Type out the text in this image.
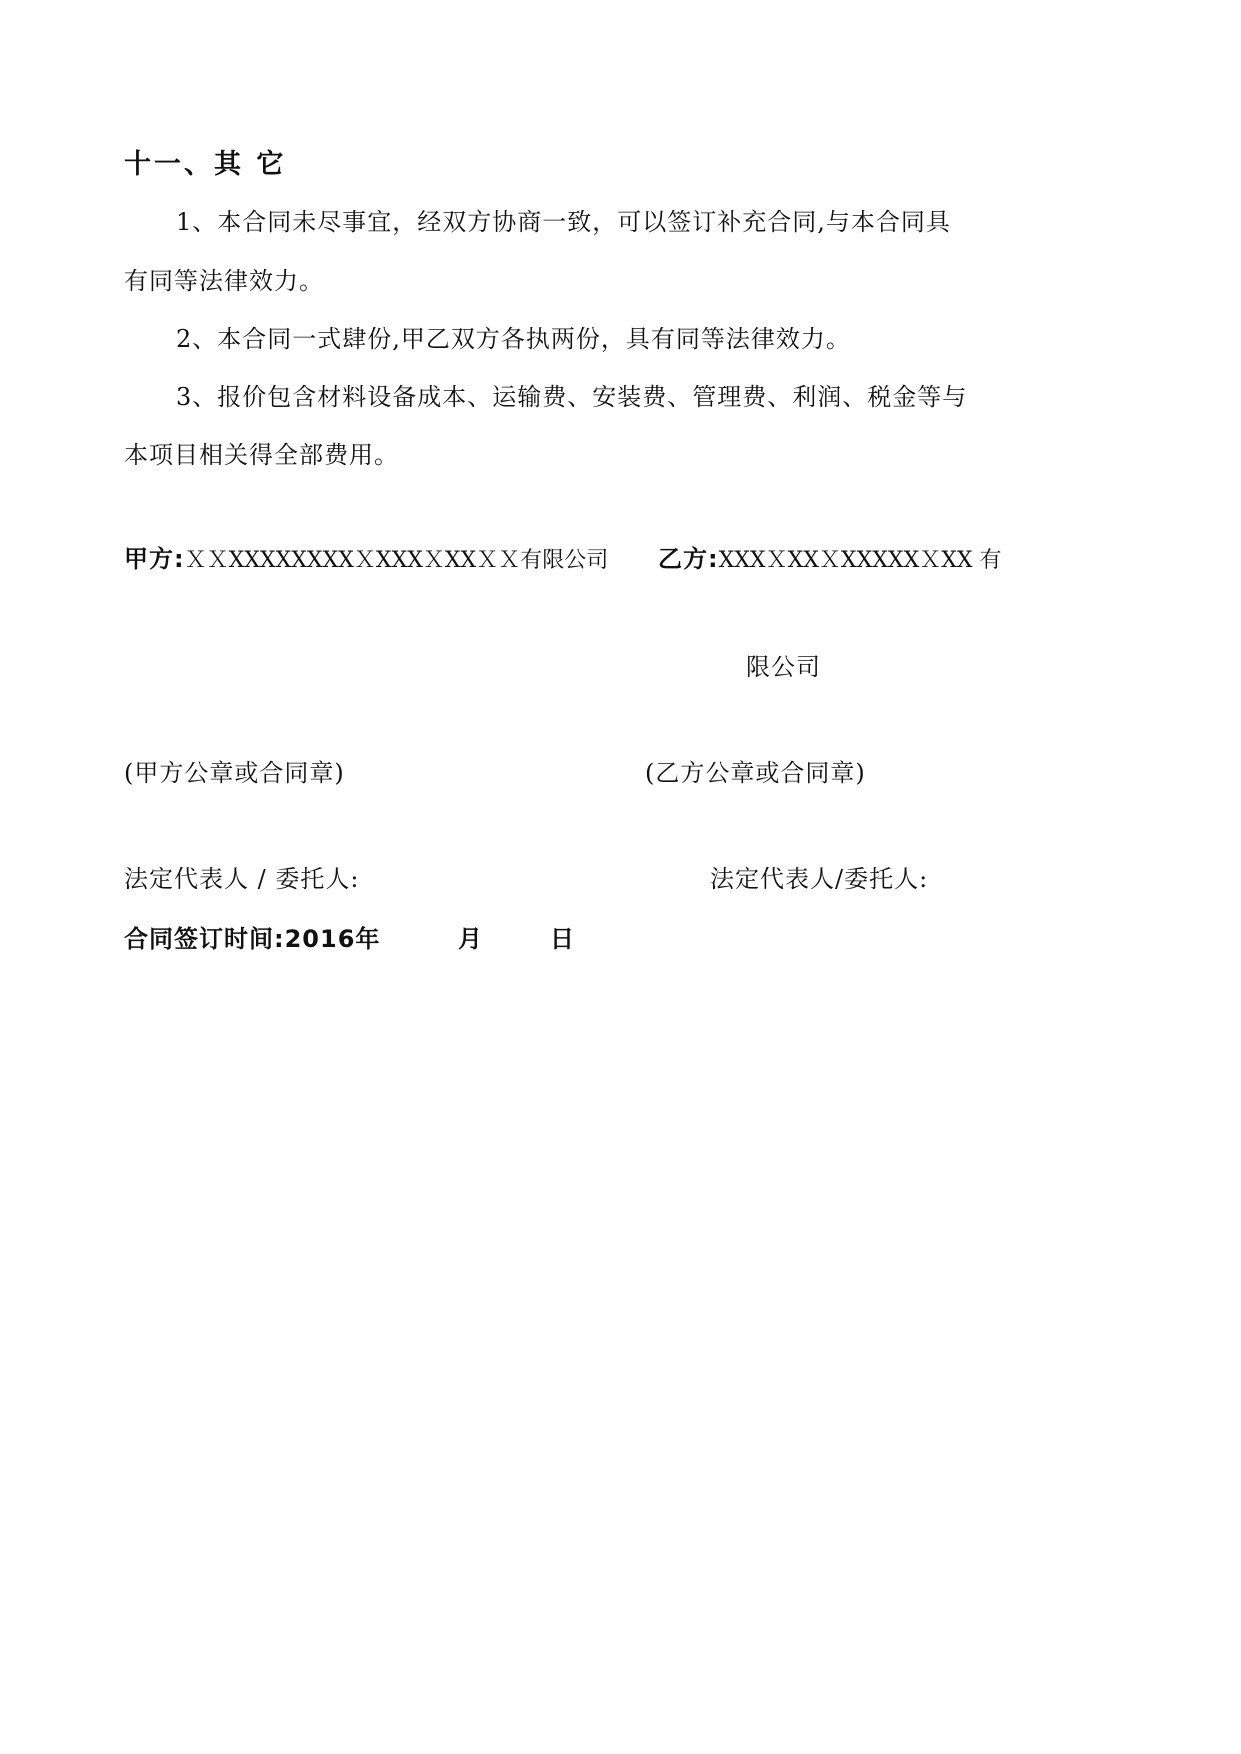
十一、其 它
1、本合同未尽事宜，经双方协商一致，可以签订补充合同,与本合同具
有同等法律效力。
2、本合同一式肆份,甲乙双方各执两份，具有同等法律效力。
3、报价包含材料设备成本、运输费、安装费、管理费、利润、税金等与
本项目相关得全部费用。
甲方:ＸＸXXXXXXXXＸXXXＸXXＸＸ有限公司 乙方:XXXＸXXＸXXXXXＸXX 有
限公司
(甲方公章或合同章)	(乙方公章或合同章)
法定代表人 / 委托人:	法定代表人/委托人:
合同签订时间:2016年	月	日
